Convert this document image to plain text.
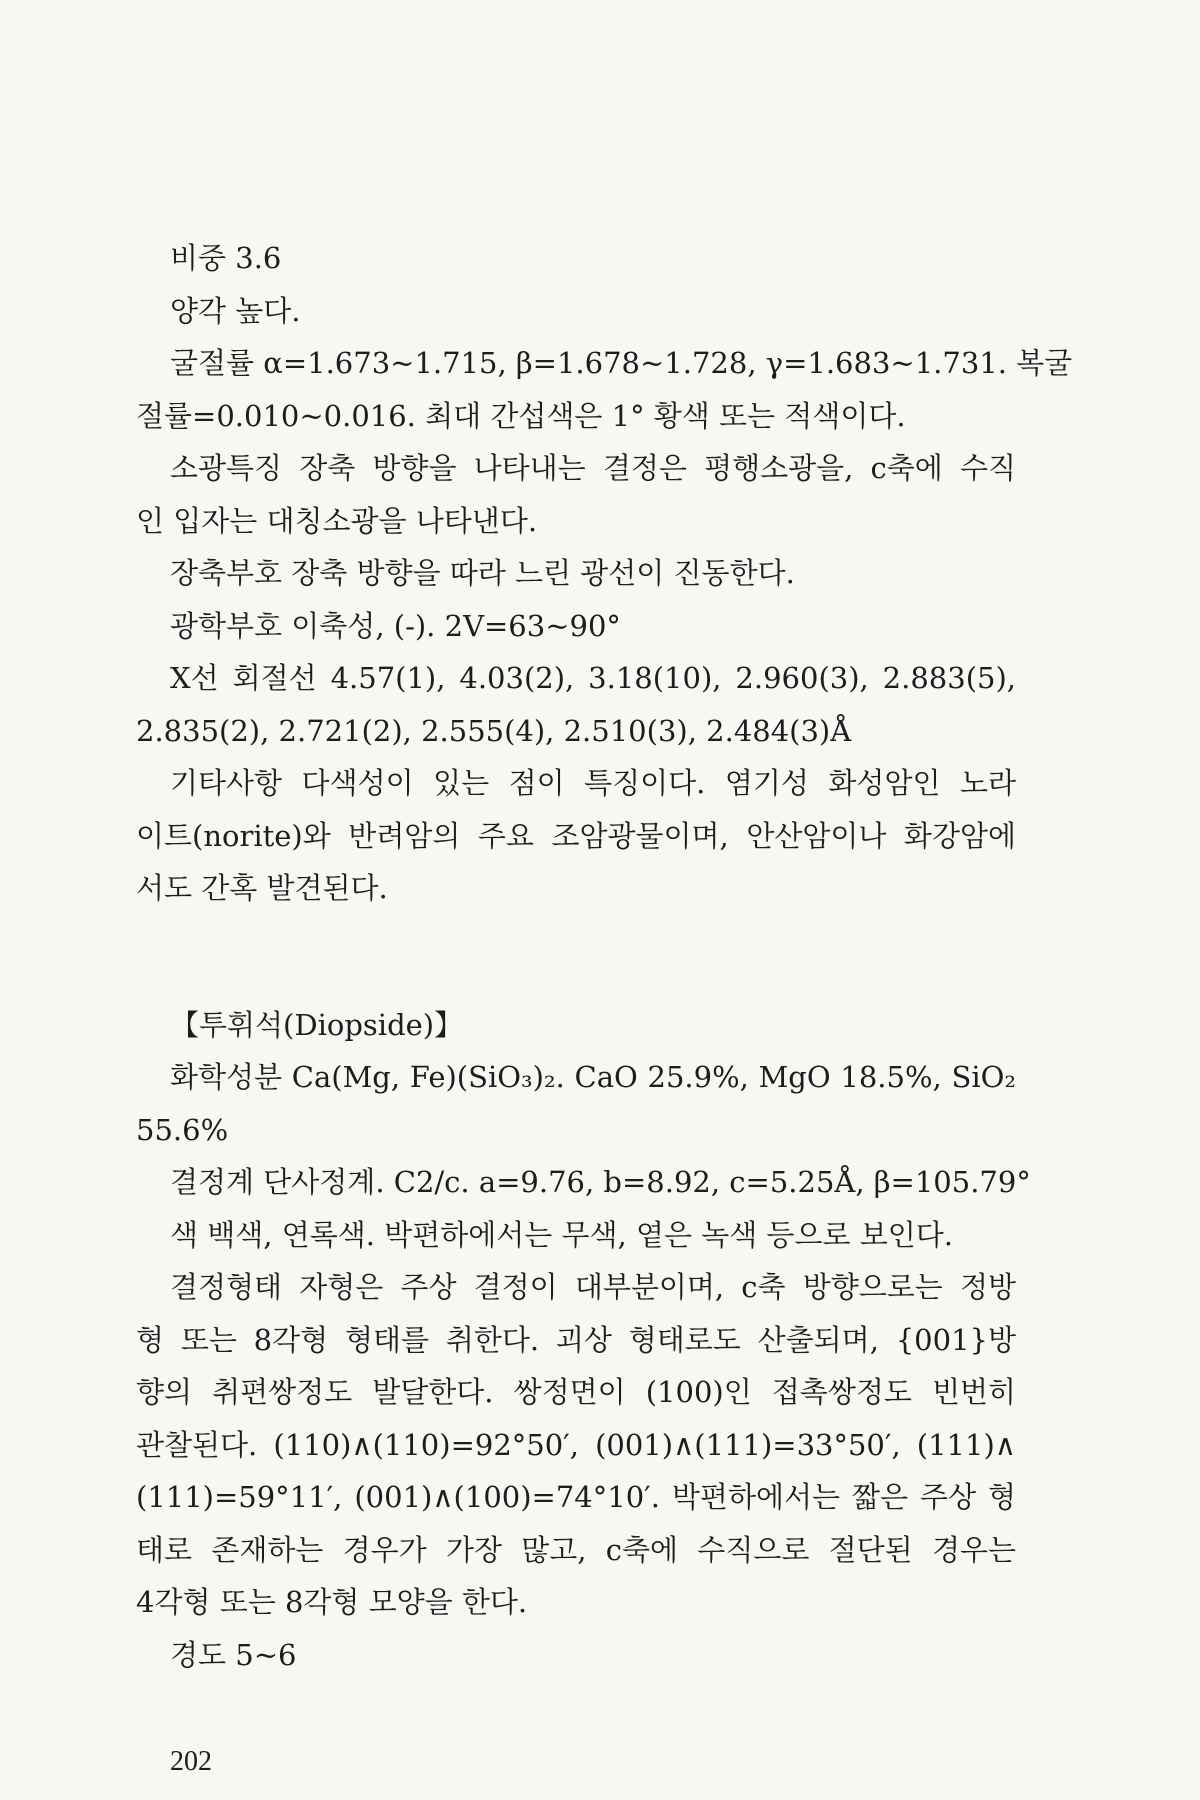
비중 3.6
양각 높다.
굴절률 α=1.673~1.715, β=1.678~1.728, γ=1.683~1.731. 복굴
절률=0.010~0.016. 최대 간섭색은 1° 황색 또는 적색이다.
소광특징 장축 방향을 나타내는 결정은 평행소광을, c축에 수직
인 입자는 대칭소광을 나타낸다.
장축부호 장축 방향을 따라 느린 광선이 진동한다.
광학부호 이축성, (-). 2V=63~90°
X선 회절선 4.57(1), 4.03(2), 3.18(10), 2.960(3), 2.883(5),
2.835(2), 2.721(2), 2.555(4), 2.510(3), 2.484(3)Å
기타사항 다색성이 있는 점이 특징이다. 염기성 화성암인 노라
이트(norite)와 반려암의 주요 조암광물이며, 안산암이나 화강암에
서도 간혹 발견된다.
【투휘석(Diopside)】
화학성분 Ca(Mg, Fe)(SiO₃)₂. CaO 25.9%, MgO 18.5%, SiO₂
55.6%
결정계 단사정계. C2/c. a=9.76, b=8.92, c=5.25Å, β=105.79°
색 백색, 연록색. 박편하에서는 무색, 옅은 녹색 등으로 보인다.
결정형태 자형은 주상 결정이 대부분이며, c축 방향으로는 정방
형 또는 8각형 형태를 취한다. 괴상 형태로도 산출되며, {001}방
향의 취편쌍정도 발달한다. 쌍정면이 (100)인 접촉쌍정도 빈번히
관찰된다. (110)∧(110)=92°50′, (001)∧(111)=33°50′, (111)∧
(111)=59°11′, (001)∧(100)=74°10′. 박편하에서는 짧은 주상 형
태로 존재하는 경우가 가장 많고, c축에 수직으로 절단된 경우는
4각형 또는 8각형 모양을 한다.
경도 5~6
202
